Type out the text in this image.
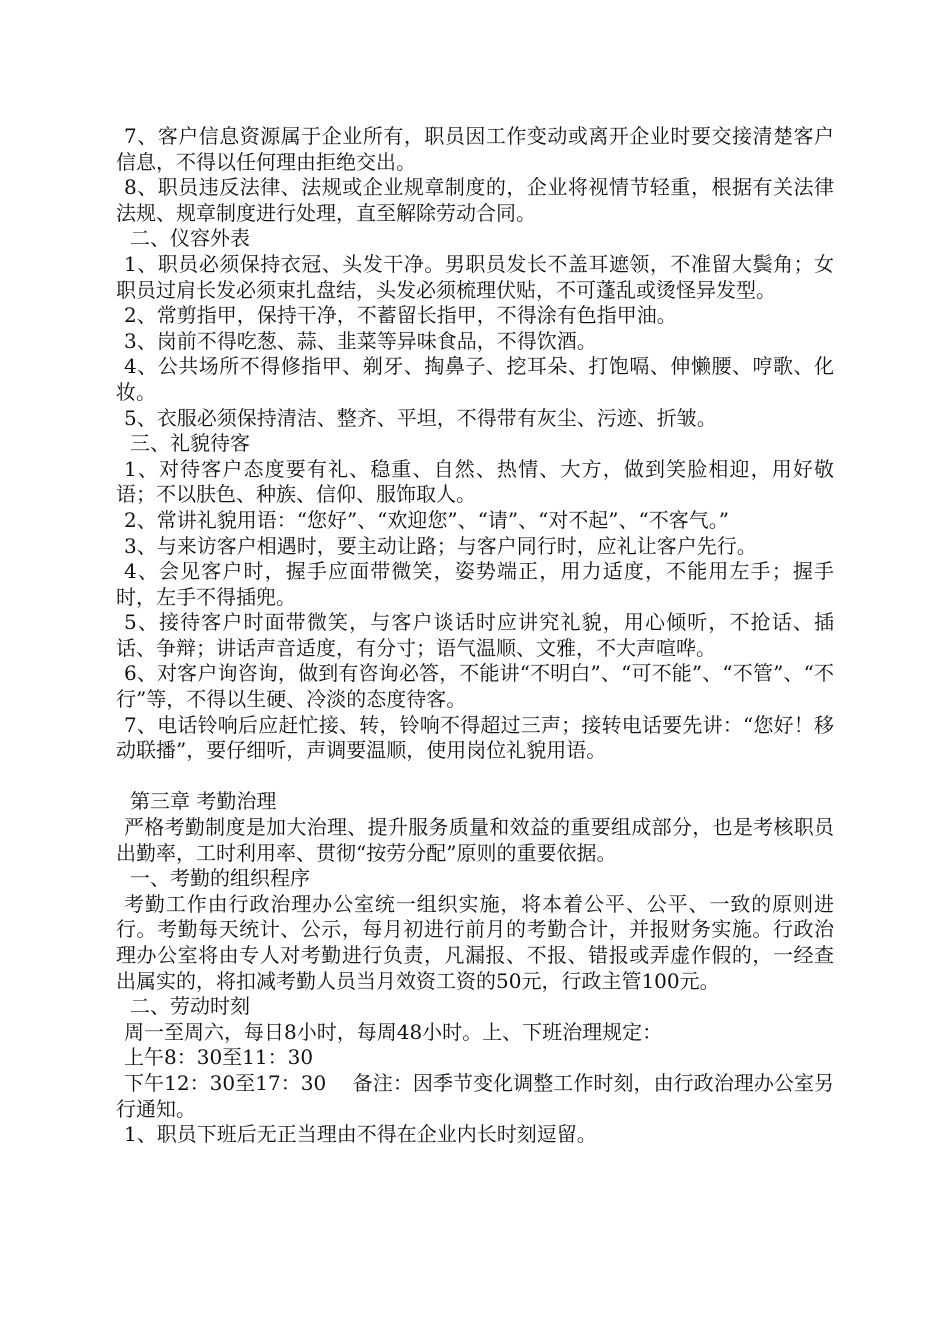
7、客户信息资源属于企业所有，职员因工作变动或离开企业时要交接清楚客户信息，不得以任何理由拒绝交出。

8、职员违反法律、法规或企业规章制度的，企业将视情节轻重，根据有关法律法规、规章制度进行处理，直至解除劳动合同。

二、仪容外表

1、职员必须保持衣冠、头发干净。男职员发长不盖耳遮领，不准留大鬓角；女职员过肩长发必须束扎盘结，头发必须梳理伏贴，不可蓬乱或烫怪异发型。

2、常剪指甲，保持干净，不蓄留长指甲，不得涂有色指甲油。

3、岗前不得吃葱、蒜、韭菜等异味食品，不得饮酒。

4、公共场所不得修指甲、剃牙、掏鼻子、挖耳朵、打饱嗝、伸懒腰、哼歌、化妆。

5、衣服必须保持清洁、整齐、平坦，不得带有灰尘、污迹、折皱。

三、礼貌待客

1、对待客户态度要有礼、稳重、自然、热情、大方，做到笑脸相迎，用好敬语；不以肤色、种族、信仰、服饰取人。

2、常讲礼貌用语：“您好”、“欢迎您”、“请”、“对不起”、“不客气。”

3、与来访客户相遇时，要主动让路；与客户同行时，应礼让客户先行。

4、会见客户时，握手应面带微笑，姿势端正，用力适度，不能用左手；握手时，左手不得插兜。

5、接待客户时面带微笑，与客户谈话时应讲究礼貌，用心倾听，不抢话、插话、争辩；讲话声音适度，有分寸；语气温顺、文雅，不大声喧哗。

6、对客户询咨询，做到有咨询必答，不能讲“不明白”、“可不能”、“不管”、“不行”等，不得以生硬、冷淡的态度待客。

7、电话铃响后应赶忙接、转，铃响不得超过三声；接转电话要先讲：“您好！移动联播”，要仔细听，声调要温顺，使用岗位礼貌用语。

第三章 考勤治理

严格考勤制度是加大治理、提升服务质量和效益的重要组成部分，也是考核职员出勤率，工时利用率、贯彻“按劳分配”原则的重要依据。

一、考勤的组织程序

考勤工作由行政治理办公室统一组织实施，将本着公平、公平、一致的原则进行。考勤每天统计、公示，每月初进行前月的考勤合计，并报财务实施。行政治理办公室将由专人对考勤进行负责，凡漏报、不报、错报或弄虚作假的，一经查出属实的，将扣减考勤人员当月效资工资的50元，行政主管100元。

二、劳动时刻

周一至周六，每日8小时，每周48小时。上、下班治理规定：

上午8：30至11：30

下午12：30至17：30　 备注：因季节变化调整工作时刻，由行政治理办公室另行通知。

1、职员下班后无正当理由不得在企业内长时刻逗留。
